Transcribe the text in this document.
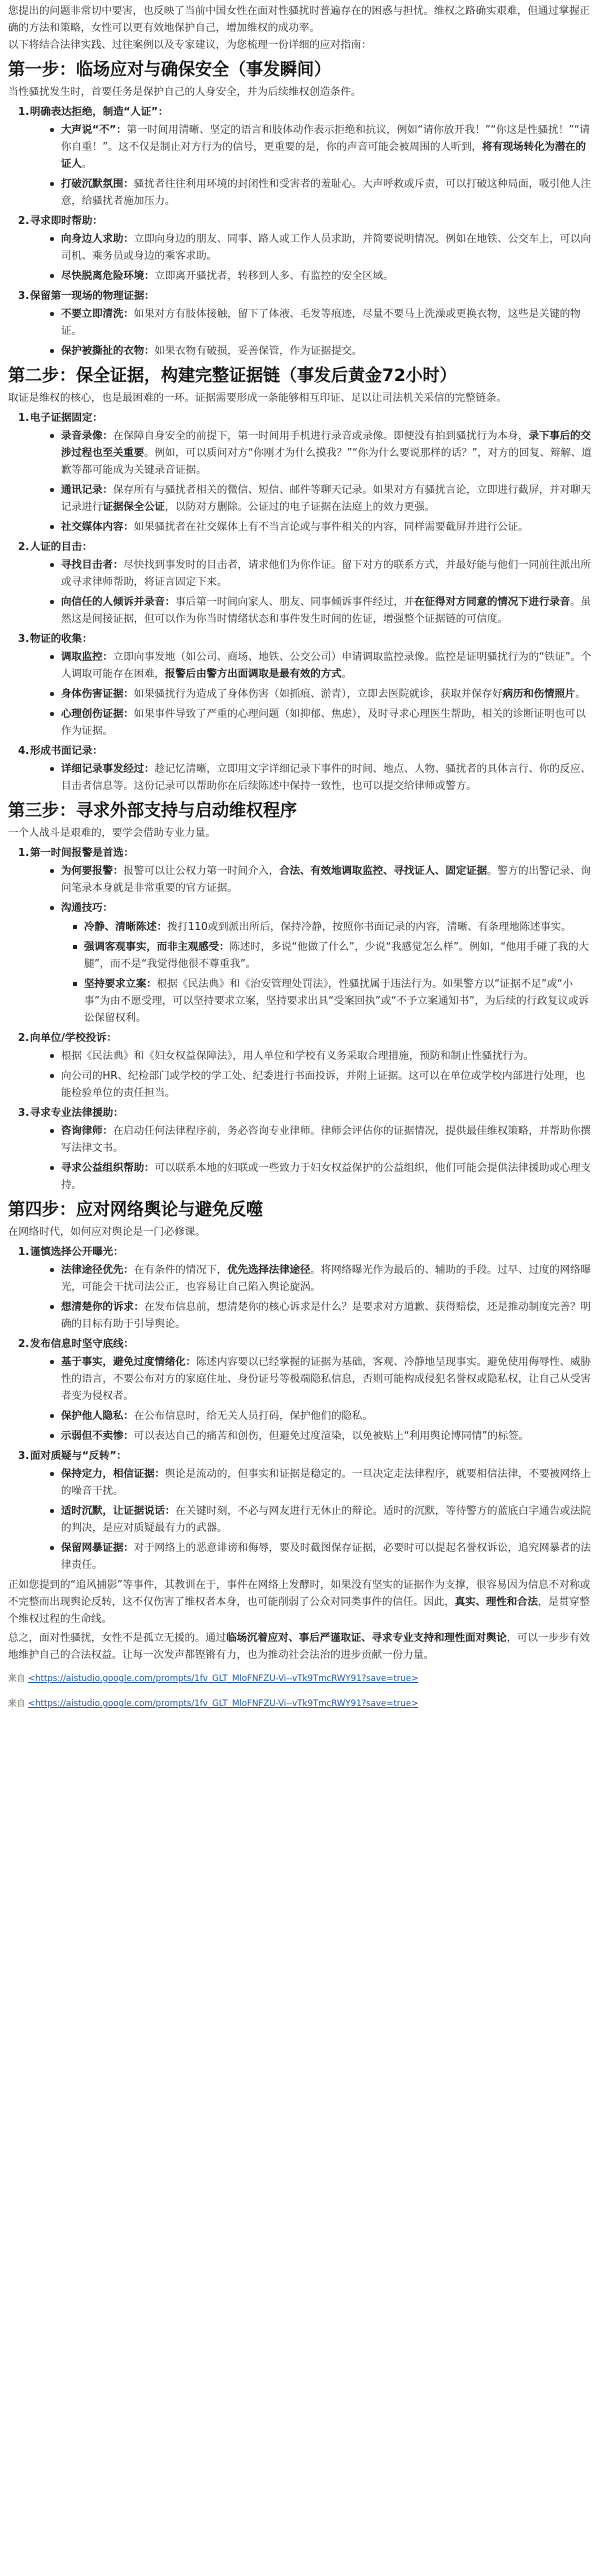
您提出的问题非常切中要害，也反映了当前中国女性在面对性骚扰时普遍存在的困惑与担忧。维权之路确实艰难，但通过掌握正确的方法和策略，女性可以更有效地保护自己，增加维权的成功率。

以下将结合法律实践、过往案例以及专家建议，为您梳理一份详细的应对指南：

第一步：临场应对与确保安全（事发瞬间）

当性骚扰发生时，首要任务是保护自己的人身安全，并为后续维权创造条件。

1. 明确表达拒绝，制造“人证”：
大声说“不”：第一时间用清晰、坚定的语言和肢体动作表示拒绝和抗议，例如“请你放开我！”“你这是性骚扰！”“请你自重！”。这不仅是制止对方行为的信号，更重要的是，你的声音可能会被周围的人听到，将有现场转化为潜在的证人。
打破沉默氛围：骚扰者往往利用环境的封闭性和受害者的羞耻心。大声呼救或斥责，可以打破这种局面，吸引他人注意，给骚扰者施加压力。
2. 寻求即时帮助：
向身边人求助：立即向身边的朋友、同事、路人或工作人员求助，并简要说明情况。例如在地铁、公交车上，可以向司机、乘务员或身边的乘客求助。
尽快脱离危险环境：立即离开骚扰者，转移到人多、有监控的安全区域。
3. 保留第一现场的物理证据：
不要立即清洗：如果对方有肢体接触，留下了体液、毛发等痕迹，尽量不要马上洗澡或更换衣物，这些是关键的物证。
保护被撕扯的衣物：如果衣物有破损，妥善保管，作为证据提交。
第二步：保全证据，构建完整证据链（事发后黄金72小时）

取证是维权的核心，也是最困难的一环。证据需要形成一条能够相互印证、足以让司法机关采信的完整链条。

1. 电子证据固定：
录音录像：在保障自身安全的前提下，第一时间用手机进行录音或录像。即便没有拍到骚扰行为本身，录下事后的交涉过程也至关重要。例如，可以质问对方“你刚才为什么摸我？”“你为什么要说那样的话？”，对方的回复、辩解、道歉等都可能成为关键录音证据。
通讯记录：保存所有与骚扰者相关的微信、短信、邮件等聊天记录。如果对方有骚扰言论，立即进行截屏，并对聊天记录进行证据保全公证，以防对方删除。公证过的电子证据在法庭上的效力更强。
社交媒体内容：如果骚扰者在社交媒体上有不当言论或与事件相关的内容，同样需要截屏并进行公证。
2. 人证的目击：
寻找目击者：尽快找到事发时的目击者，请求他们为你作证。留下对方的联系方式，并最好能与他们一同前往派出所或寻求律师帮助，将证言固定下来。
向信任的人倾诉并录音：事后第一时间向家人、朋友、同事倾诉事件经过，并在征得对方同意的情况下进行录音。虽然这是间接证据，但可以作为你当时情绪状态和事件发生时间的佐证，增强整个证据链的可信度。
3. 物证的收集：
调取监控：立即向事发地（如公司、商场、地铁、公交公司）申请调取监控录像。监控是证明骚扰行为的“铁证”。个人调取可能存在困难，报警后由警方出面调取是最有效的方式。
身体伤害证据：如果骚扰行为造成了身体伤害（如抓痕、淤青），立即去医院就诊，获取并保存好病历和伤情照片。
心理创伤证据：如果事件导致了严重的心理问题（如抑郁、焦虑），及时寻求心理医生帮助，相关的诊断证明也可以作为证据。
4. 形成书面记录：
详细记录事发经过：趁记忆清晰，立即用文字详细记录下事件的时间、地点、人物、骚扰者的具体言行、你的反应、目击者信息等。这份记录可以帮助你在后续陈述中保持一致性，也可以提交给律师或警方。
第三步：寻求外部支持与启动维权程序

一个人战斗是艰难的，要学会借助专业力量。

1. 第一时间报警是首选：
为何要报警：报警可以让公权力第一时间介入，合法、有效地调取监控、寻找证人、固定证据。警方的出警记录、询问笔录本身就是非常重要的官方证据。
沟通技巧：
冷静、清晰陈述：拨打110或到派出所后，保持冷静，按照你书面记录的内容，清晰、有条理地陈述事实。
强调客观事实，而非主观感受：陈述时，多说“他做了什么”，少说“我感觉怎么样”。例如，“他用手碰了我的大腿”，而不是“我觉得他很不尊重我”。
坚持要求立案：根据《民法典》和《治安管理处罚法》，性骚扰属于违法行为。如果警方以“证据不足”或“小事”为由不愿受理，可以坚持要求立案，坚持要求出具“受案回执”或“不予立案通知书”，为后续的行政复议或诉讼保留权利。
2. 向单位/学校投诉：
根据《民法典》和《妇女权益保障法》，用人单位和学校有义务采取合理措施，预防和制止性骚扰行为。
向公司的HR、纪检部门或学校的学工处、纪委进行书面投诉，并附上证据。这可以在单位或学校内部进行处理，也能检验单位的责任担当。
3. 寻求专业法律援助：
咨询律师：在启动任何法律程序前，务必咨询专业律师。律师会评估你的证据情况，提供最佳维权策略，并帮助你撰写法律文书。
寻求公益组织帮助：可以联系本地的妇联或一些致力于妇女权益保护的公益组织，他们可能会提供法律援助或心理支持。
第四步：应对网络舆论与避免反噬

在网络时代，如何应对舆论是一门必修课。

1. 谨慎选择公开曝光：
法律途径优先：在有条件的情况下，优先选择法律途径。将网络曝光作为最后的、辅助的手段。过早、过度的网络曝光，可能会干扰司法公正，也容易让自己陷入舆论旋涡。
想清楚你的诉求：在发布信息前，想清楚你的核心诉求是什么？是要求对方道歉、获得赔偿，还是推动制度完善？明确的目标有助于引导舆论。
2. 发布信息时坚守底线：
基于事实，避免过度情绪化：陈述内容要以已经掌握的证据为基础，客观、冷静地呈现事实。避免使用侮辱性、威胁性的语言，不要公布对方的家庭住址、身份证号等极端隐私信息，否则可能构成侵犯名誉权或隐私权，让自己从受害者变为侵权者。
保护他人隐私：在公布信息时，给无关人员打码，保护他们的隐私。
示弱但不卖惨：可以表达自己的痛苦和创伤，但避免过度渲染，以免被贴上“利用舆论博同情”的标签。
3. 面对质疑与“反转”：
保持定力，相信证据：舆论是流动的，但事实和证据是稳定的。一旦决定走法律程序，就要相信法律，不要被网络上的噪音干扰。
适时沉默，让证据说话：在关键时刻，不必与网友进行无休止的辩论。适时的沉默，等待警方的蓝底白字通告或法院的判决，是应对质疑最有力的武器。
保留网暴证据：对于网络上的恶意诽谤和侮辱，要及时截图保存证据，必要时可以提起名誉权诉讼，追究网暴者的法律责任。

正如您提到的“追风捕影”等事件，其教训在于，事件在网络上发酵时，如果没有坚实的证据作为支撑，很容易因为信息不对称或不完整而出现舆论反转，这不仅伤害了维权者本身，也可能削弱了公众对同类事件的信任。因此，真实、理性和合法，是贯穿整个维权过程的生命线。

总之，面对性骚扰，女性不是孤立无援的。通过临场沉着应对、事后严谨取证、寻求专业支持和理性面对舆论，可以一步步有效地维护自己的合法权益。让每一次发声都铿锵有力，也为推动社会法治的进步贡献一份力量。

来自 <https://aistudio.google.com/prompts/1fv_GLT_MloFNFZU-Vi--vTk9TmcRWY91?save=true>
来自 <https://aistudio.google.com/prompts/1fv_GLT_MloFNFZU-Vi--vTk9TmcRWY91?save=true>
